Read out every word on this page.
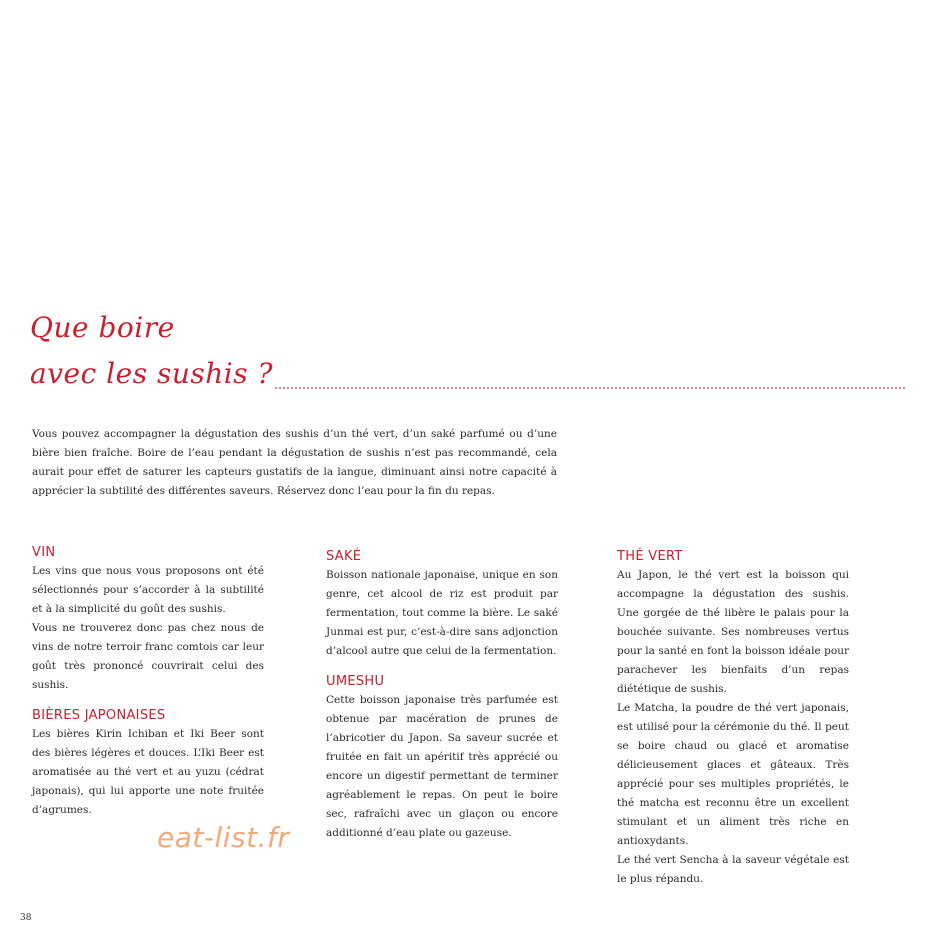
Que boire
avec les sushis ?

Vous pouvez accompagner la dégustation des sushis d’un thé vert, d’un saké parfumé ou d’une bière bien fraîche. Boire de l’eau pendant la dégustation de sushis n’est pas recommandé, cela aurait pour effet de saturer les capteurs gustatifs de la langue, diminuant ainsi notre capacité à apprécier la subtilité des différentes saveurs. Réservez donc l’eau pour la fin du repas.

VIN

Les vins que nous vous proposons ont été sélectionnés pour s’accorder à la subtilité et à la simplicité du goût des sushis.
Vous ne trouverez donc pas chez nous de vins de notre terroir franc comtois car leur goût très prononcé couvrirait celui des sushis.

BIÈRES JAPONAISES

Les bières Kirin Ichiban et Iki Beer sont des bières légères et douces. L’Iki Beer est aromatisée au thé vert et au yuzu (cédrat japonais), qui lui apporte une note fruitée d’agrumes.

SAKÉ

Boisson nationale japonaise, unique en son genre, cet alcool de riz est produit par fermentation, tout comme la bière. Le saké Junmai est pur, c’est-à-dire sans adjonction d’alcool autre que celui de la fermentation.

UMESHU

Cette boisson japonaise très parfumée est obtenue par macération de prunes de l’abricotier du Japon. Sa saveur sucrée et fruitée en fait un apéritif très apprécié ou encore un digestif permettant de terminer agréablement le repas. On peut le boire sec, rafraîchi avec un glaçon ou encore additionné d’eau plate ou gazeuse.

THÉ VERT

Au Japon, le thé vert est la boisson qui accompagne la dégustation des sushis. Une gorgée de thé libère le palais pour la bouchée suivante. Ses nombreuses vertus pour la santé en font la boisson idéale pour parachever les bienfaits d’un repas diététique de sushis.
Le Matcha, la poudre de thé vert japonais, est utilisé pour la cérémonie du thé. Il peut se boire chaud ou glacé et aromatise délicieusement glaces et gâteaux. Très apprécié pour ses multiples propriétés, le thé matcha est reconnu être un excellent stimulant et un aliment très riche en antioxydants.
Le thé vert Sencha à la saveur végétale est le plus répandu.

eat-list.fr
38
